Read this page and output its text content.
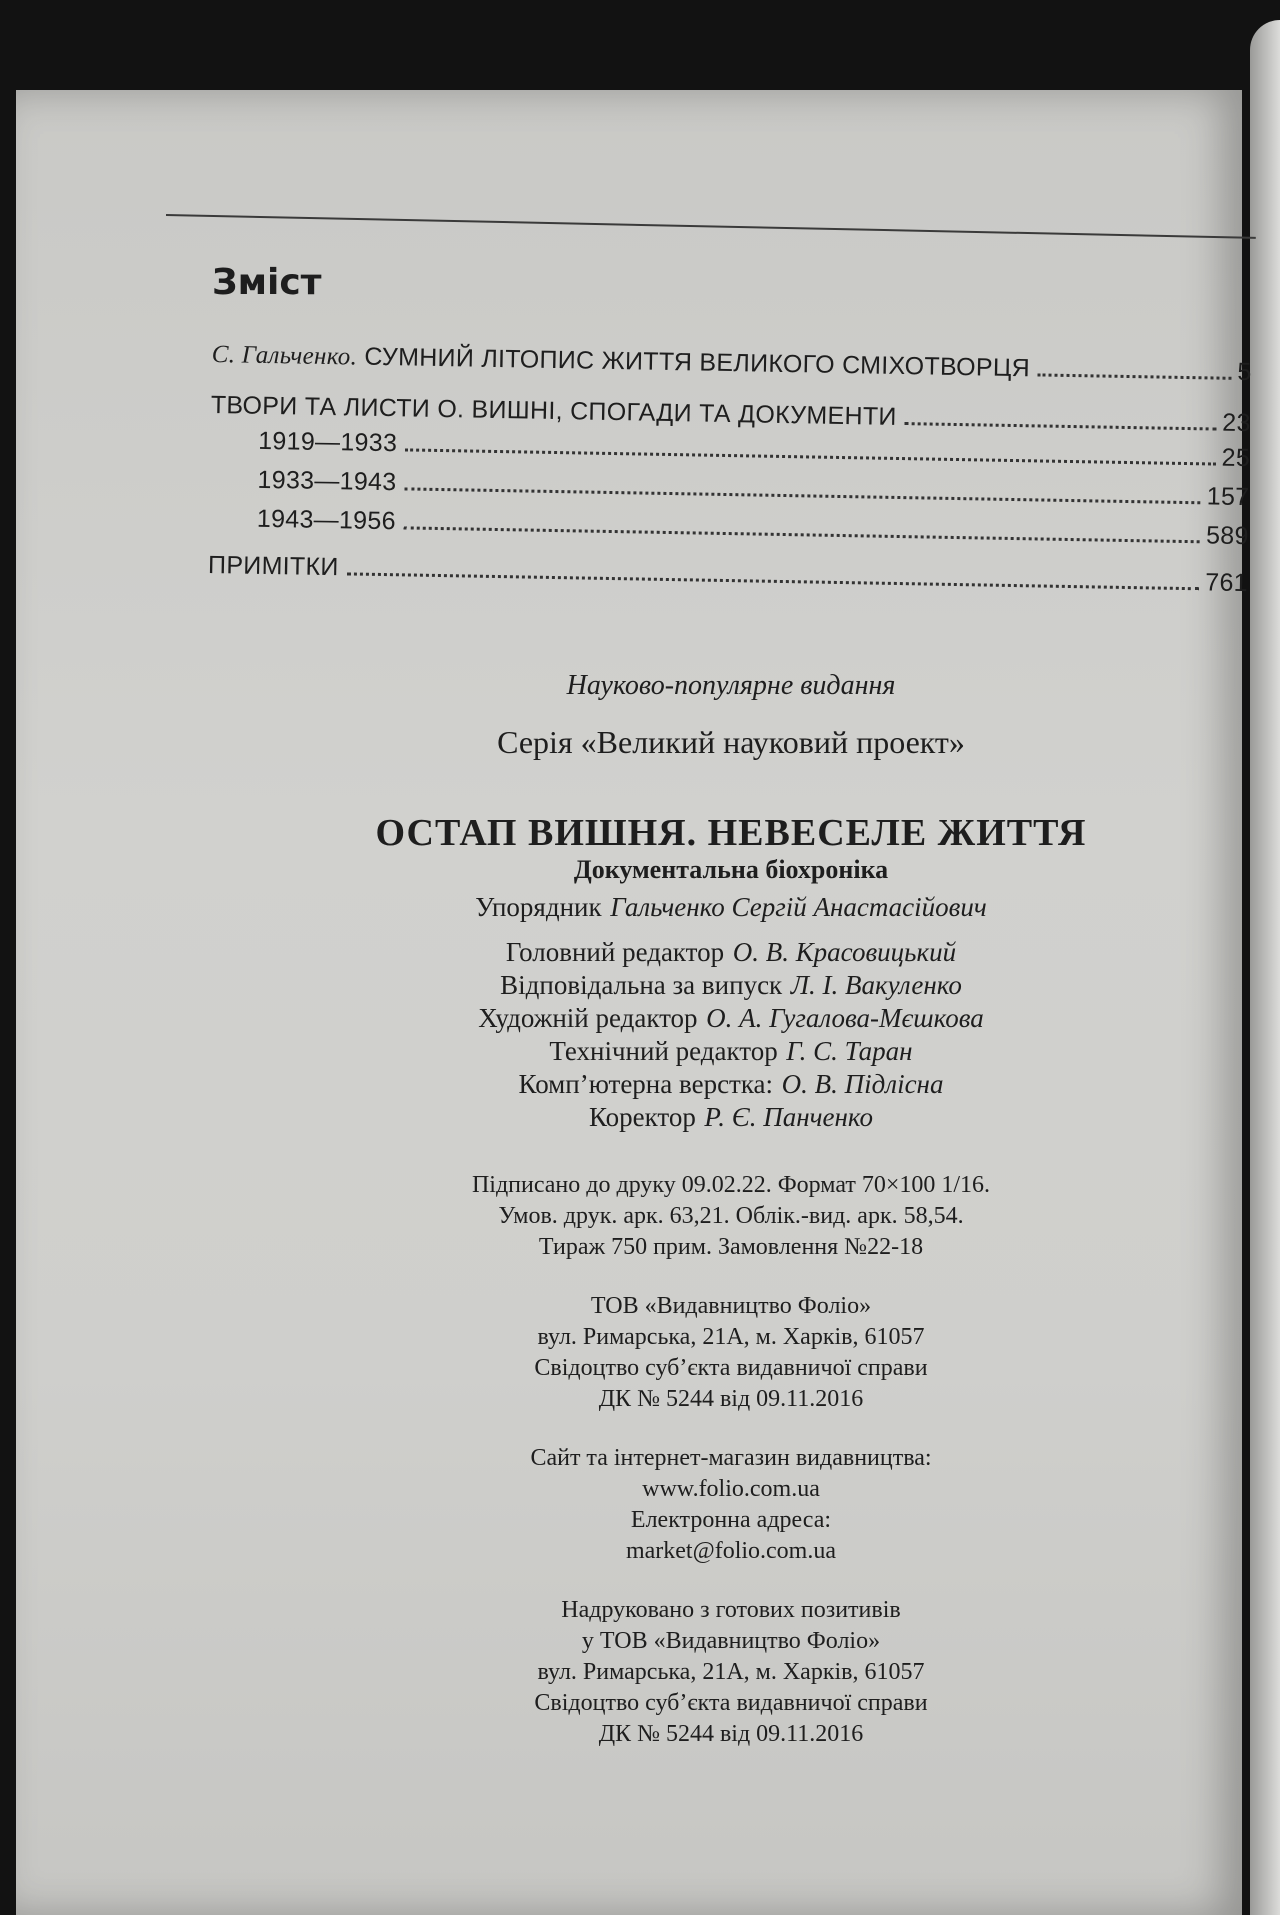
Зміст
С. Гальченко. СУМНИЙ ЛІТОПИС ЖИТТЯ ВЕЛИКОГО СМІХОТВОРЦЯ	5
ТВОРИ ТА ЛИСТИ О. ВИШНІ, СПОГАДИ ТА ДОКУМЕНТИ	23
1919—1933
25
1933—1943
157
1943—1956
589
ПРИМІТКИ
761
Науково-популярне видання
Серія «Великий науковий проект»
ОСТАП ВИШНЯ. НЕВЕСЕЛЕ ЖИТТЯ
Документальна біохроніка
Упорядник Гальченко Сергій Анастасійович
Головний редактор О. В. Красовицький
Відповідальна за випуск Л. І. Вакуленко
Художній редактор О. А. Гугалова-Мєшкова
Технічний редактор Г. С. Таран
Комп’ютерна верстка: О. В. Підлісна
Коректор Р. Є. Панченко
Підписано до друку 09.02.22. Формат 70×100 1/16.
Умов. друк. арк. 63,21. Облік.-вид. арк. 58,54.
Тираж 750 прим. Замовлення №22-18
ТОВ «Видавництво Фоліо»
вул. Римарська, 21А, м. Харків, 61057
Свідоцтво суб’єкта видавничої справи
ДК № 5244 від 09.11.2016
Сайт та інтернет-магазин видавництва:
www.folio.com.ua
Електронна адреса:
market@folio.com.ua
Надруковано з готових позитивів
у ТОВ «Видавництво Фоліо»
вул. Римарська, 21А, м. Харків, 61057
Свідоцтво суб’єкта видавничої справи
ДК № 5244 від 09.11.2016
